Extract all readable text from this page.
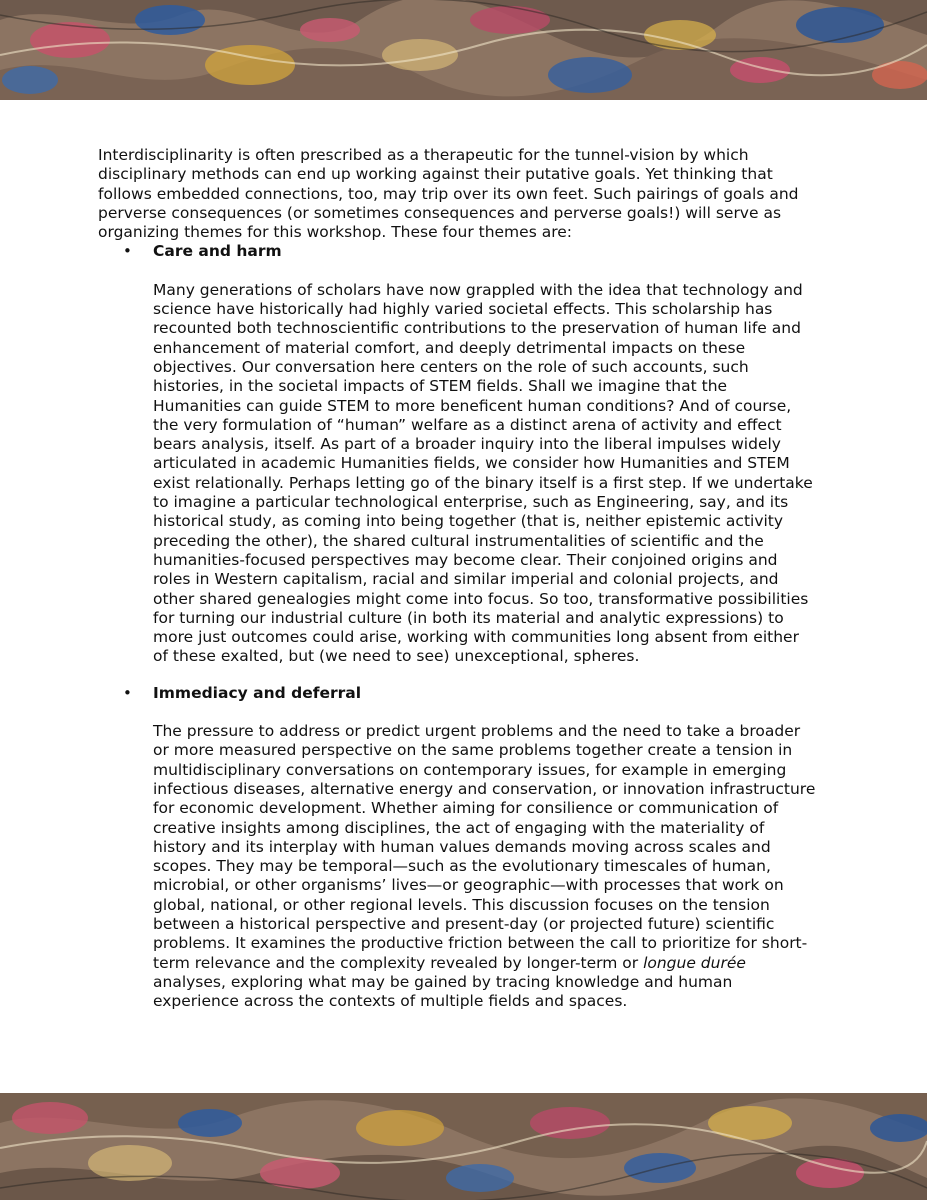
Interdisciplinarity is often prescribed as a therapeutic for the tunnel-vision by which disciplinary methods can end up working against their putative goals. Yet thinking that follows embedded connections, too, may trip over its own feet. Such pairings of goals and perverse consequences (or sometimes consequences and perverse goals!) will serve as organizing themes for this workshop. These four themes are:

• Care and harm

Many generations of scholars have now grappled with the idea that technology and science have historically had highly varied societal effects. This scholarship has recounted both technoscientific contributions to the preservation of human life and enhancement of material comfort, and deeply detrimental impacts on these objectives. Our conversation here centers on the role of such accounts, such histories, in the societal impacts of STEM fields. Shall we imagine that the Humanities can guide STEM to more beneficent human conditions? And of course, the very formulation of “human” welfare as a distinct arena of activity and effect bears analysis, itself. As part of a broader inquiry into the liberal impulses widely articulated in academic Humanities fields, we consider how Humanities and STEM exist relationally. Perhaps letting go of the binary itself is a first step. If we undertake to imagine a particular technological enterprise, such as Engineering, say, and its historical study, as coming into being together (that is, neither epistemic activity preceding the other), the shared cultural instrumentalities of scientific and the humanities-focused perspectives may become clear. Their conjoined origins and roles in Western capitalism, racial and similar imperial and colonial projects, and other shared genealogies might come into focus. So too, transformative possibilities for turning our industrial culture (in both its material and analytic expressions) to more just outcomes could arise, working with communities long absent from either of these exalted, but (we need to see) unexceptional, spheres.

• Immediacy and deferral

The pressure to address or predict urgent problems and the need to take a broader or more measured perspective on the same problems together create a tension in multidisciplinary conversations on contemporary issues, for example in emerging infectious diseases, alternative energy and conservation, or innovation infrastructure for economic development. Whether aiming for consilience or communication of creative insights among disciplines, the act of engaging with the materiality of history and its interplay with human values demands moving across scales and scopes. They may be temporal—such as the evolutionary timescales of human, microbial, or other organisms’ lives—or geographic—with processes that work on global, national, or other regional levels. This discussion focuses on the tension between a historical perspective and present-day (or projected future) scientific problems. It examines the productive friction between the call to prioritize for short-term relevance and the complexity revealed by longer-term or longue durée analyses, exploring what may be gained by tracing knowledge and human experience across the contexts of multiple fields and spaces.
